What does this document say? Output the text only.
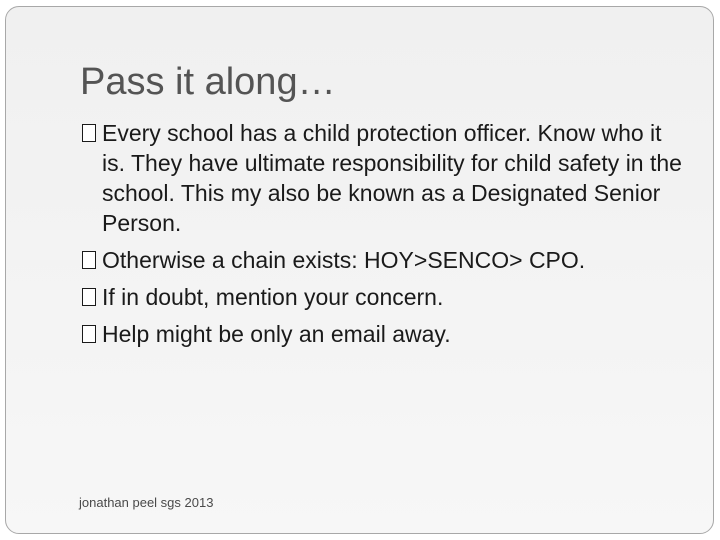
Pass it along…
Every school has a child protection officer. Know who it is. They have ultimate responsibility for child safety in the school. This my also be known as a Designated Senior Person.
Otherwise a chain exists: HOY>SENCO> CPO.
If in doubt, mention your concern.
Help might be only an email away.
jonathan peel sgs 2013
